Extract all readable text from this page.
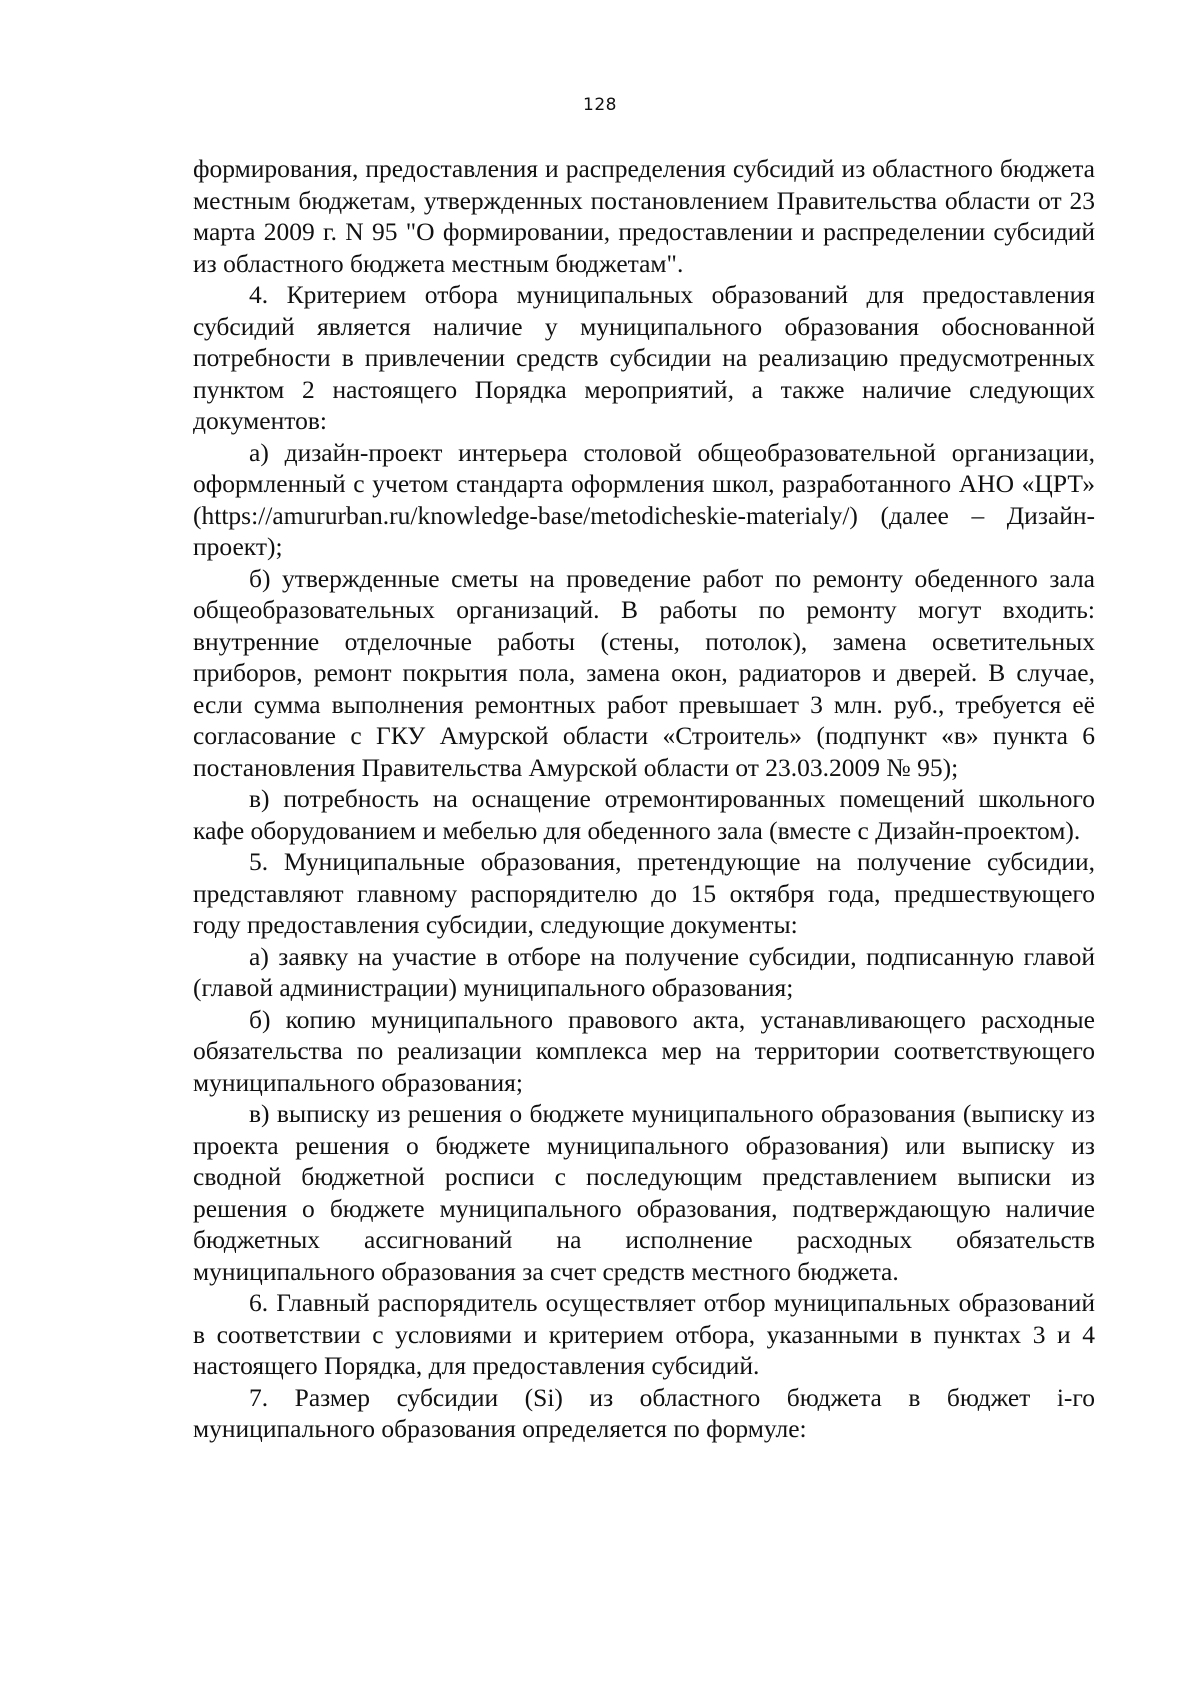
128

формирования, предоставления и распределения субсидий из областного бюджета местным бюджетам, утвержденных постановлением Правительства области от 23 марта 2009 г. N 95 "О формировании, предоставлении и распределении субсидий из областного бюджета местным бюджетам".

4. Критерием отбора муниципальных образований для предоставления субсидий является наличие у муниципального образования обоснованной потребности в привлечении средств субсидии на реализацию предусмотренных пунктом 2 настоящего Порядка мероприятий, а также наличие следующих документов:

а) дизайн-проект интерьера столовой общеобразовательной организации, оформленный с учетом стандарта оформления школ, разработанного АНО «ЦРТ» (https://amururban.ru/knowledge-base/metodicheskie-materialy/) (далее – Дизайн-проект);

б) утвержденные сметы на проведение работ по ремонту обеденного зала общеобразовательных организаций. В работы по ремонту могут входить: внутренние отделочные работы (стены, потолок), замена осветительных приборов, ремонт покрытия пола, замена окон, радиаторов и дверей. В случае, если сумма выполнения ремонтных работ превышает 3 млн. руб., требуется её согласование с ГКУ Амурской области «Строитель» (подпункт «в» пункта 6 постановления Правительства Амурской области от 23.03.2009 № 95);

в) потребность на оснащение отремонтированных помещений школьного кафе оборудованием и мебелью для обеденного зала (вместе с Дизайн-проектом).

5. Муниципальные образования, претендующие на получение субсидии, представляют главному распорядителю до 15 октября года, предшествующего году предоставления субсидии, следующие документы:

а) заявку на участие в отборе на получение субсидии, подписанную главой (главой администрации) муниципального образования;

б) копию муниципального правового акта, устанавливающего расходные обязательства по реализации комплекса мер на территории соответствующего муниципального образования;

в) выписку из решения о бюджете муниципального образования (выписку из проекта решения о бюджете муниципального образования) или выписку из сводной бюджетной росписи с последующим представлением выписки из решения о бюджете муниципального образования, подтверждающую наличие бюджетных ассигнований на исполнение расходных обязательств муниципального образования за счет средств местного бюджета.

6. Главный распорядитель осуществляет отбор муниципальных образований в соответствии с условиями и критерием отбора, указанными в пунктах 3 и 4 настоящего Порядка, для предоставления субсидий.

7. Размер субсидии (Si) из областного бюджета в бюджет i-го муниципального образования определяется по формуле:
